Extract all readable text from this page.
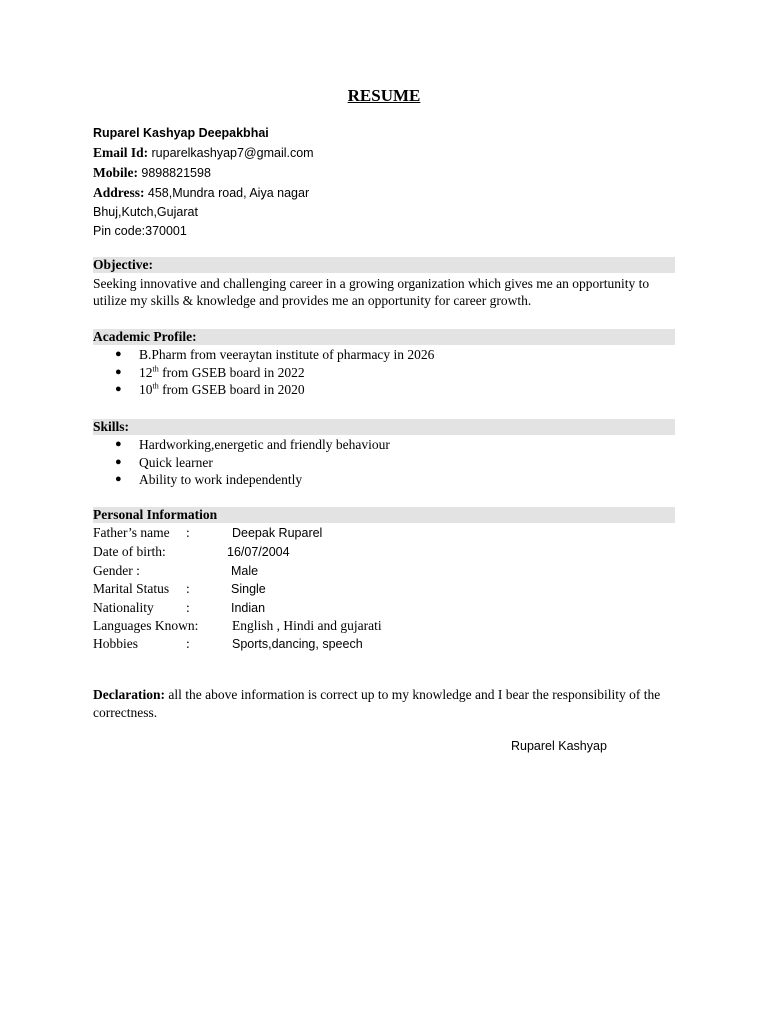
RESUME
Ruparel Kashyap Deepakbhai
Email Id: ruparelkashyap7@gmail.com
Mobile: 9898821598
Address: 458,Mundra road, Aiya nagar
Bhuj,Kutch,Gujarat
Pin code:370001
Objective:
Seeking innovative and challenging career in a growing organization which gives me an opportunity to utilize my skills & knowledge and provides me an opportunity for career growth.
Academic Profile:
● B.Pharm from veeraytan institute of pharmacy in 2026
● 12th from GSEB board in 2022
● 10th from GSEB board in 2020
Skills:
● Hardworking,energetic and friendly behaviour
● Quick learner
● Ability to work independently
Personal Information
Father’s name :	Deepak Ruparel
Date of birth:	16/07/2004
Gender :	Male
Marital Status :	Single
Nationality :	Indian
Languages Known: English , Hindi and gujarati
Hobbies	:	Sports,dancing, speech
Declaration: all the above information is correct up to my knowledge and I bear the responsibility of the correctness.
Ruparel Kashyap
